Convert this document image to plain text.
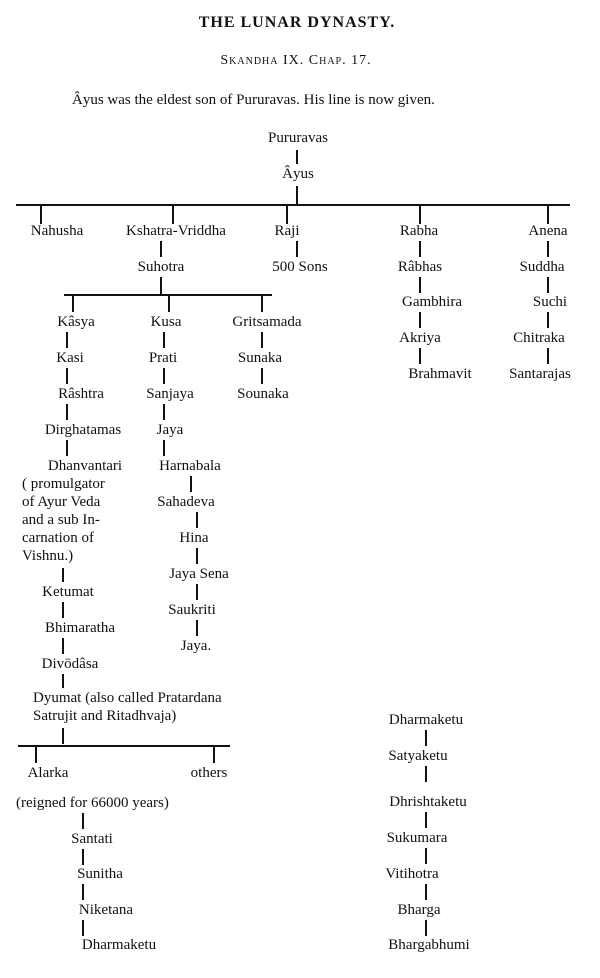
THE LUNAR DYNASTY.
Skandha IX. Chap. 17.
Âyus was the eldest son of Pururavas. His line is now given.
Pururavas
Âyus
Nahusha	Kshatra-Vriddha	Raji	Rabha	Anena
Suhotra	500 Sons
Kâsya	Kusa	Gritsamada
Kasi
Râshtra
Dirghatamas
Dhanvantari
( promulgator
of Ayur Veda
and a sub In-
carnation of
Vishnu.)
Ketumat
Bhimaratha
Divōdâsa
Dyumat (also called Pratardana
Satrujit and Ritadhvaja)
Alarka	others
(reigned for 66000 years)
Santati
Sunitha
Niketana
Dharmaketu
Prati
Sanjaya
Jaya
Harnabala
Sahadeva
Hina
Jaya Sena
Saukriti
Jaya.
Sunaka
Sounaka
Râbhas
Gambhira
Akriya
Brahmavit
Suddha
Suchi
Chitraka
Santarajas
Dharmaketu
Satyaketu
Dhrishtaketu
Sukumara
Vitihotra
Bharga
Bhargabhumi
